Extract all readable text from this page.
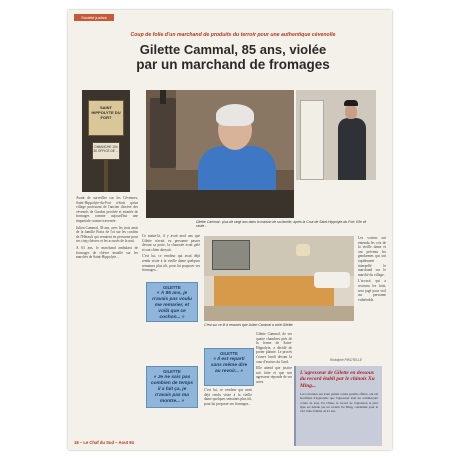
Société justice
Coup de folie d'un marchand de produits du terroir pour une authentique cévenolle
Gilette Cammal, 85 ans, violée
par un marchand de fromages
SAINT HIPPOLYTE DU FORT
DIMANCHE 10h 30 OFFICE DE ...
Gilette Cammal : plus de vingt ans dans la maison de sa famille, après la Cour de Saint-Hippolyte-du-Fort. Elle vit seule...

Avant de surveiller sur les Cévennes, Saint-Hippolyte-du-Fort n'était qu'un village protestant de l'ancien diocèse des cévenols de Gardon perchée et montée de fromages comme aujourd'hui une impartiale cuisine traversée.

Julien Cammal, 38 ans, avec les trois amis de la famille Boiss de l'oi sur les confins de l'Hérault qui venaient en personne pour ses cinq chèvres et les accusés de la nuit.

A 63 ans, le marchand ambulant de fromages de chèvre installé sur les marchés de Saint-Hippolyte...

Ce matin-là, il y avait neuf ans que Gilette n'avait vu personne passer devant sa porte, la chaussée avait gelé et son chien aboyait.

C'est lui, ce vendeur qui avait déjà rendu visite à la vieille dame quelques semaines plus tôt, pour lui proposer ses fromages...

GILETTE
« À 85 ans, je n'avais pas voulu me remarier, et voilà que ce cochon... »
GILETTE
« Je ne sais pas combien de temps il a fait ça, je n'avais pas ma montre... »
GILETTE
« Il est reparti sans même dire au revoir... »
C'est sur ce lit à ressorts que Julien Cammal a violé Gilette.

Gilette Cammal, de ses quatre chambres près de la ferme de Saint-Hippolyte, a décidé de porter plainte. Le procès s'ouvre lundi devant la cour d'assises du Gard.

Elle attend que justice soit faite et que son agresseur réponde de ses actes.

Les voisins ont entendu les cris de la vieille dame et ont prévenu les gendarmes qui ont rapidement interpellé le marchand sur le marché du village.

L'accusé, qui a reconnu les faits, sera jugé pour viol sur personne vulnérable.

C'est lui, ce vendeur qui avait déjà rendu visite à la vieille dame quelques semaines plus tôt, pour lui proposer ses fromages...

Rodolphe PINOTELLE
L'agresseur de Gilette en dessous du record établi par le chinois Xu Ming...
Les Cévennes qui n'ont jamais connu pareille affaire, ont été horrifiées d'apprendre que l'agresseur était un commerçant connu de tous. En Chine, le record de l'agression la plus âgée est détenu par un certain Xu Ming, condamné pour le viol d'une femme de 91 ans.
18 – Le Chaf du Sud – Aout 94
